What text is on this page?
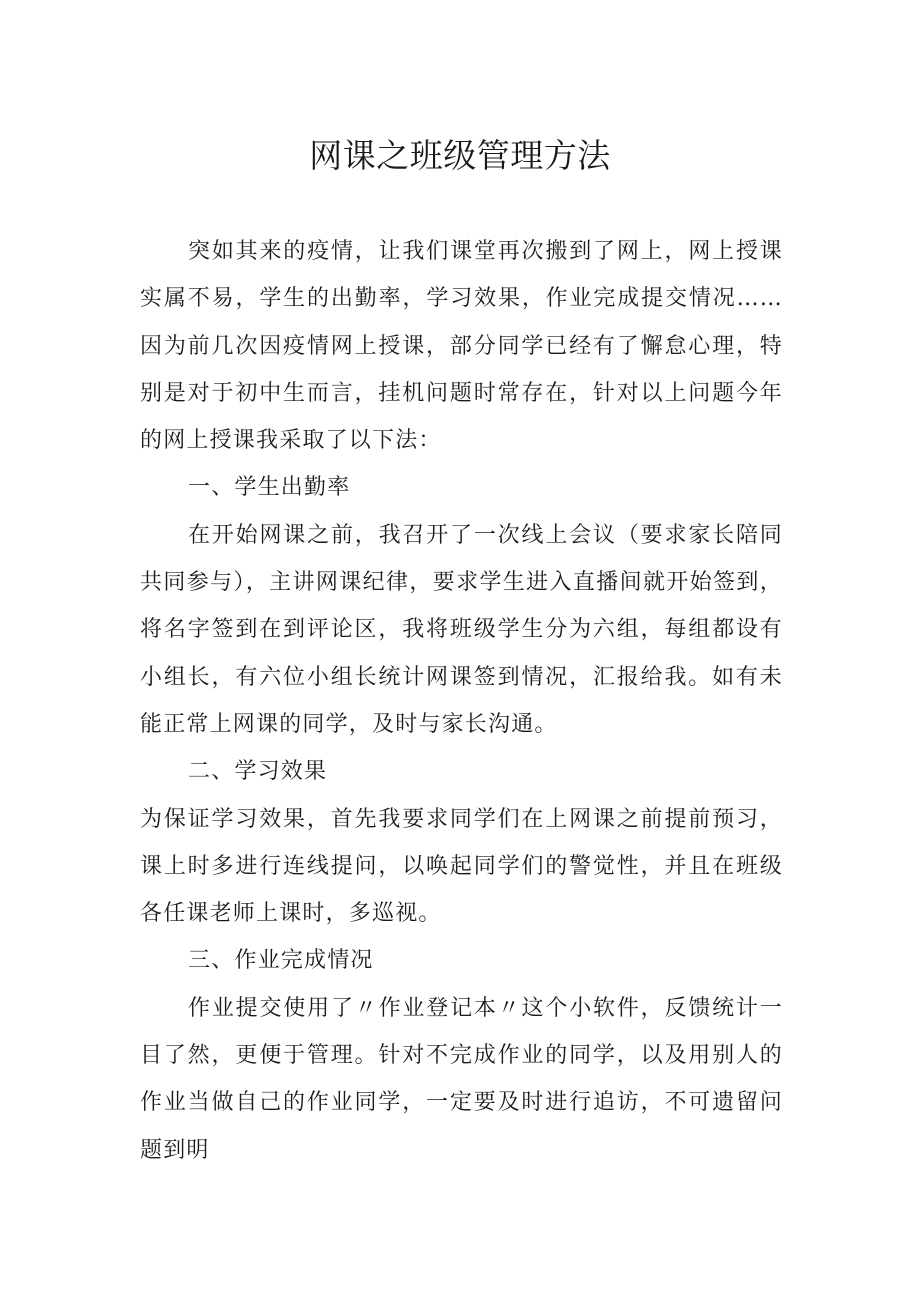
网课之班级管理方法

突如其来的疫情，让我们课堂再次搬到了网上，网上授课实属不易，学生的出勤率，学习效果，作业完成提交情况……因为前几次因疫情网上授课，部分同学已经有了懈怠心理，特别是对于初中生而言，挂机问题时常存在，针对以上问题今年的网上授课我采取了以下法：

一、学生出勤率

在开始网课之前，我召开了一次线上会议（要求家长陪同共同参与），主讲网课纪律，要求学生进入直播间就开始签到，将名字签到在到评论区，我将班级学生分为六组，每组都设有小组长，有六位小组长统计网课签到情况，汇报给我。如有未能正常上网课的同学，及时与家长沟通。

二、学习效果

为保证学习效果，首先我要求同学们在上网课之前提前预习，课上时多进行连线提问，以唤起同学们的警觉性，并且在班级各任课老师上课时，多巡视。

三、作业完成情况

作业提交使用了〃作业登记本〃这个小软件，反馈统计一目了然，更便于管理。针对不完成作业的同学，以及用别人的作业当做自己的作业同学，一定要及时进行追访，不可遗留问题到明
